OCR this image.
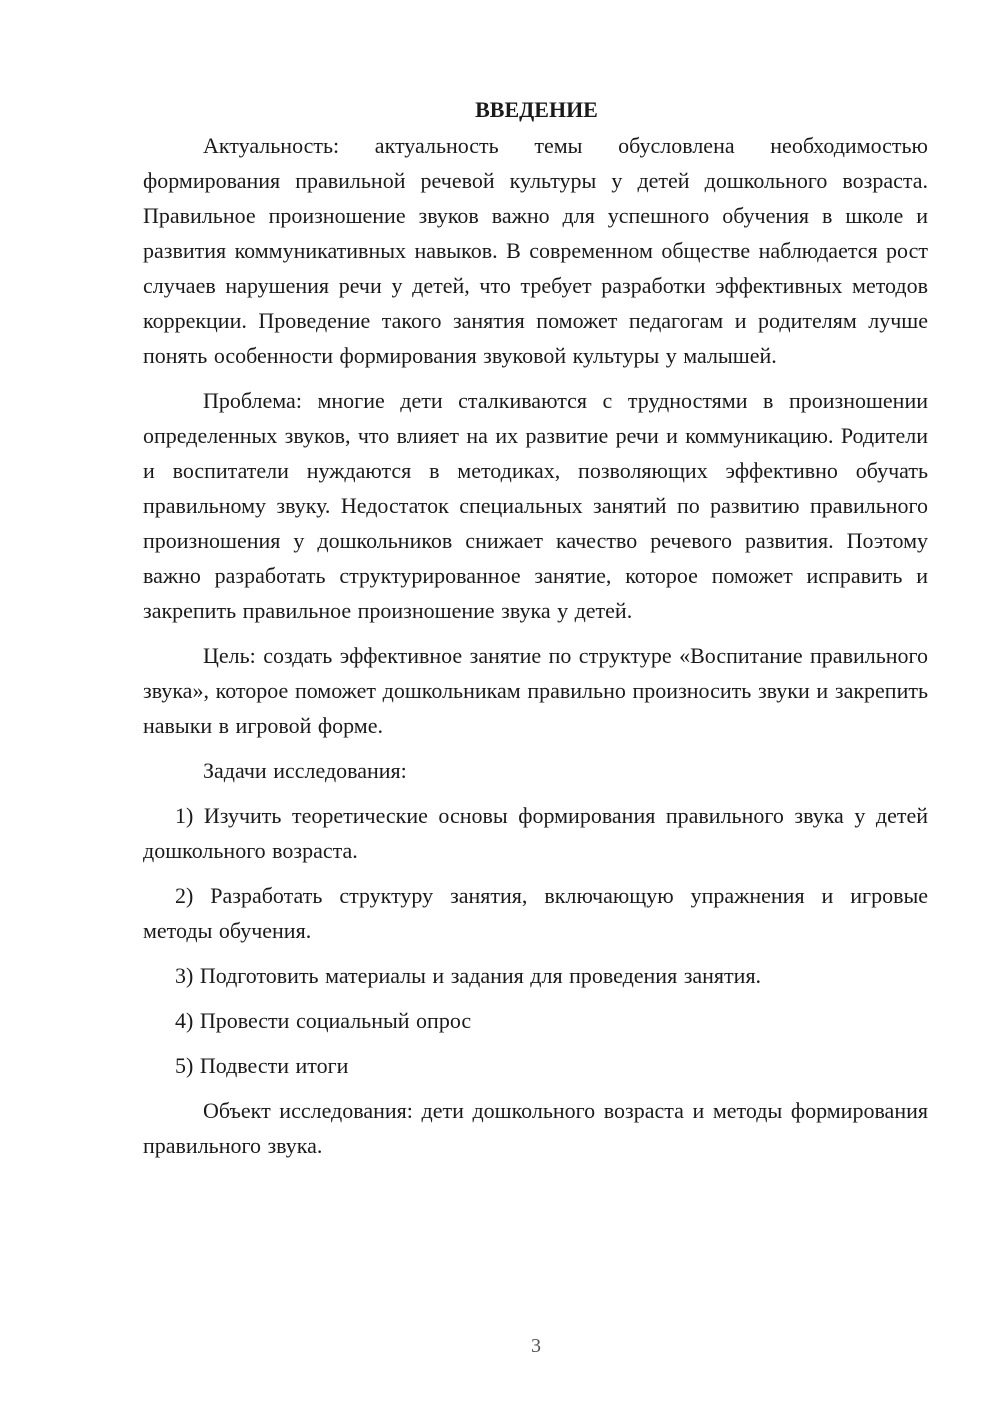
ВВЕДЕНИЕ

Актуальность: актуальность темы обусловлена необходимостью формирования правильной речевой культуры у детей дошкольного возраста. Правильное произношение звуков важно для успешного обучения в школе и развития коммуникативных навыков. В современном обществе наблюдается рост случаев нарушения речи у детей, что требует разработки эффективных методов коррекции. Проведение такого занятия поможет педагогам и родителям лучше понять особенности формирования звуковой культуры у малышей.

Проблема: многие дети сталкиваются с трудностями в произношении определенных звуков, что влияет на их развитие речи и коммуникацию. Родители и воспитатели нуждаются в методиках, позволяющих эффективно обучать правильному звуку. Недостаток специальных занятий по развитию правильного произношения у дошкольников снижает качество речевого развития. Поэтому важно разработать структурированное занятие, которое поможет исправить и закрепить правильное произношение звука у детей.

Цель: создать эффективное занятие по структуре «Воспитание правильного звука», которое поможет дошкольникам правильно произносить звуки и закрепить навыки в игровой форме.

Задачи исследования:

1) Изучить теоретические основы формирования правильного звука у детей дошкольного возраста.

2) Разработать структуру занятия, включающую упражнения и игровые методы обучения.

3) Подготовить материалы и задания для проведения занятия.

4) Провести социальный опрос

5) Подвести итоги

Объект исследования: дети дошкольного возраста и методы формирования правильного звука.

3
